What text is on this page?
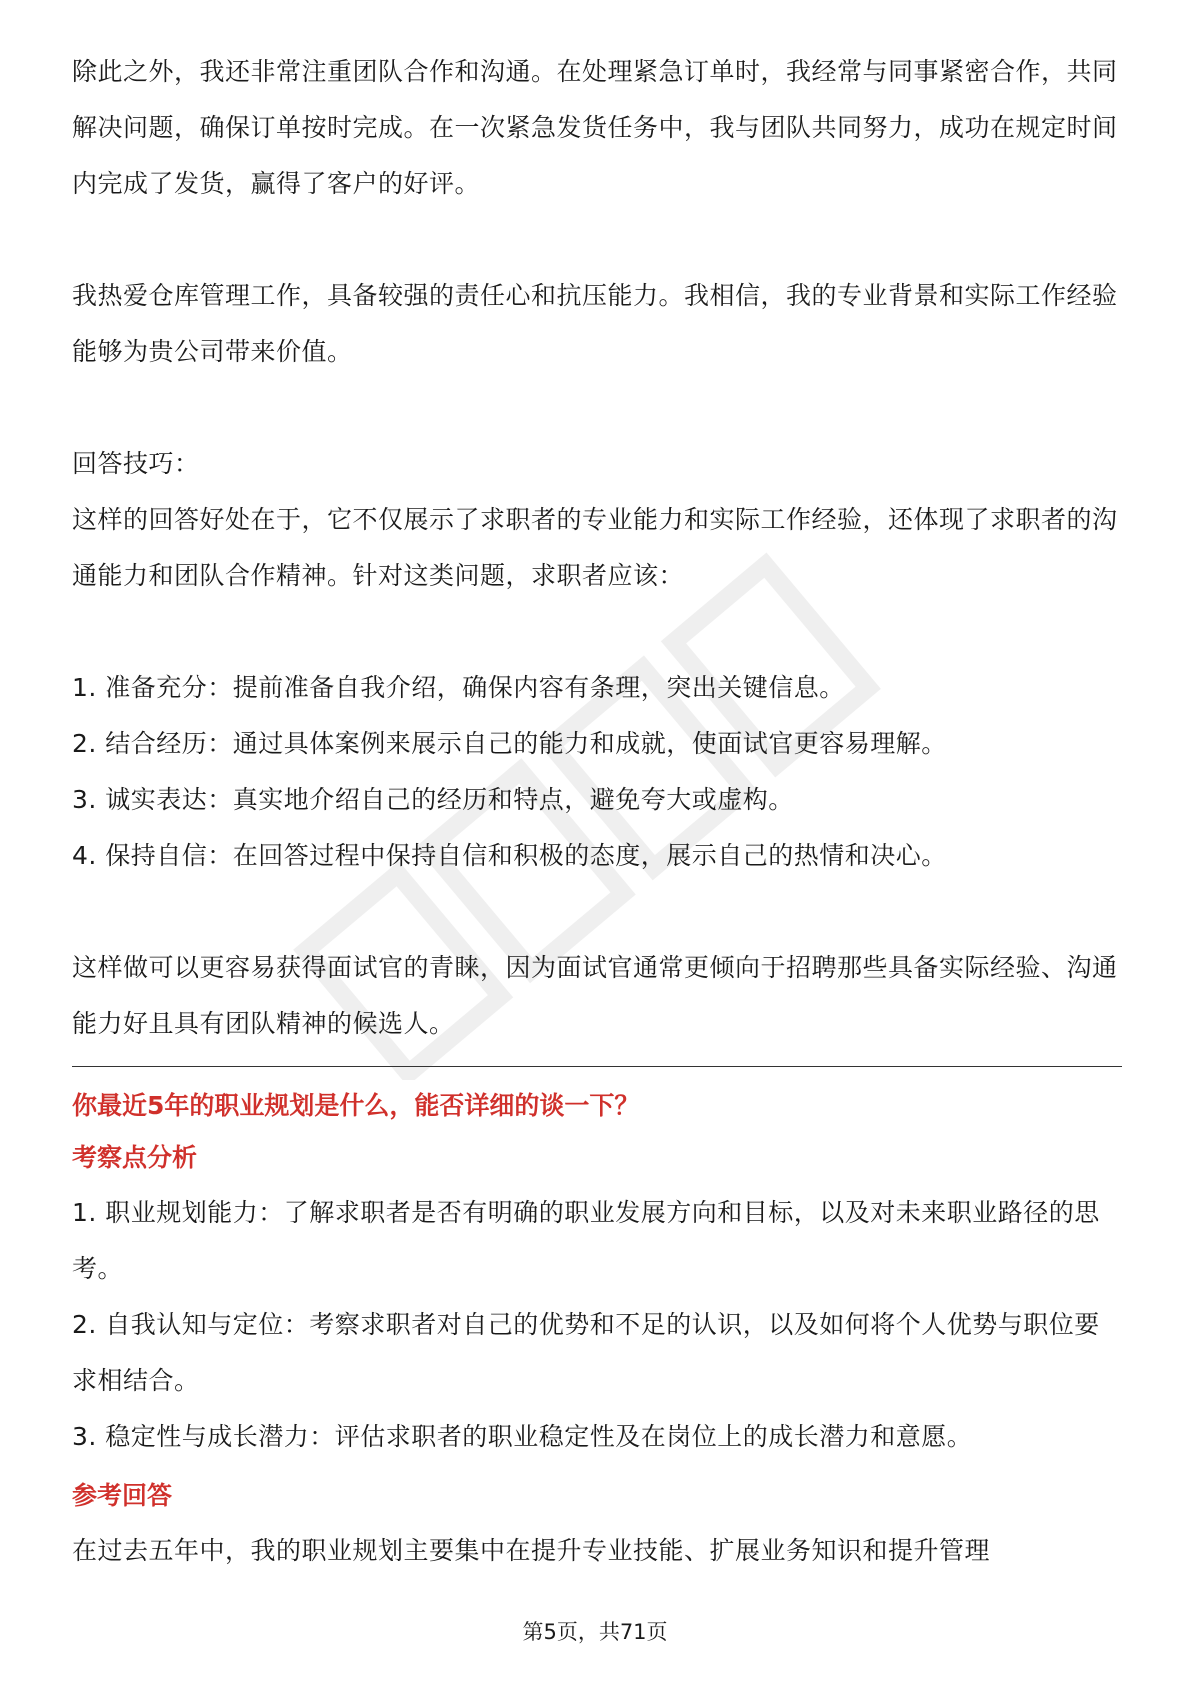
除此之外，我还非常注重团队合作和沟通。在处理紧急订单时，我经常与同事紧密合作，共同解决问题，确保订单按时完成。在一次紧急发货任务中，我与团队共同努力，成功在规定时间内完成了发货，赢得了客户的好评。

我热爱仓库管理工作，具备较强的责任心和抗压能力。我相信，我的专业背景和实际工作经验能够为贵公司带来价值。

回答技巧：

这样的回答好处在于，它不仅展示了求职者的专业能力和实际工作经验，还体现了求职者的沟通能力和团队合作精神。针对这类问题，求职者应该：

1. 准备充分：提前准备自我介绍，确保内容有条理，突出关键信息。

2. 结合经历：通过具体案例来展示自己的能力和成就，使面试官更容易理解。

3. 诚实表达：真实地介绍自己的经历和特点，避免夸大或虚构。

4. 保持自信：在回答过程中保持自信和积极的态度，展示自己的热情和决心。

这样做可以更容易获得面试官的青睐，因为面试官通常更倾向于招聘那些具备实际经验、沟通能力好且具有团队精神的候选人。

你最近5年的职业规划是什么，能否详细的谈一下？

考察点分析

1. 职业规划能力：了解求职者是否有明确的职业发展方向和目标，以及对未来职业路径的思考。

2. 自我认知与定位：考察求职者对自己的优势和不足的认识，以及如何将个人优势与职位要求相结合。

3. 稳定性与成长潜力：评估求职者的职业稳定性及在岗位上的成长潜力和意愿。

参考回答

在过去五年中，我的职业规划主要集中在提升专业技能、扩展业务知识和提升管理

第5页，共71页
